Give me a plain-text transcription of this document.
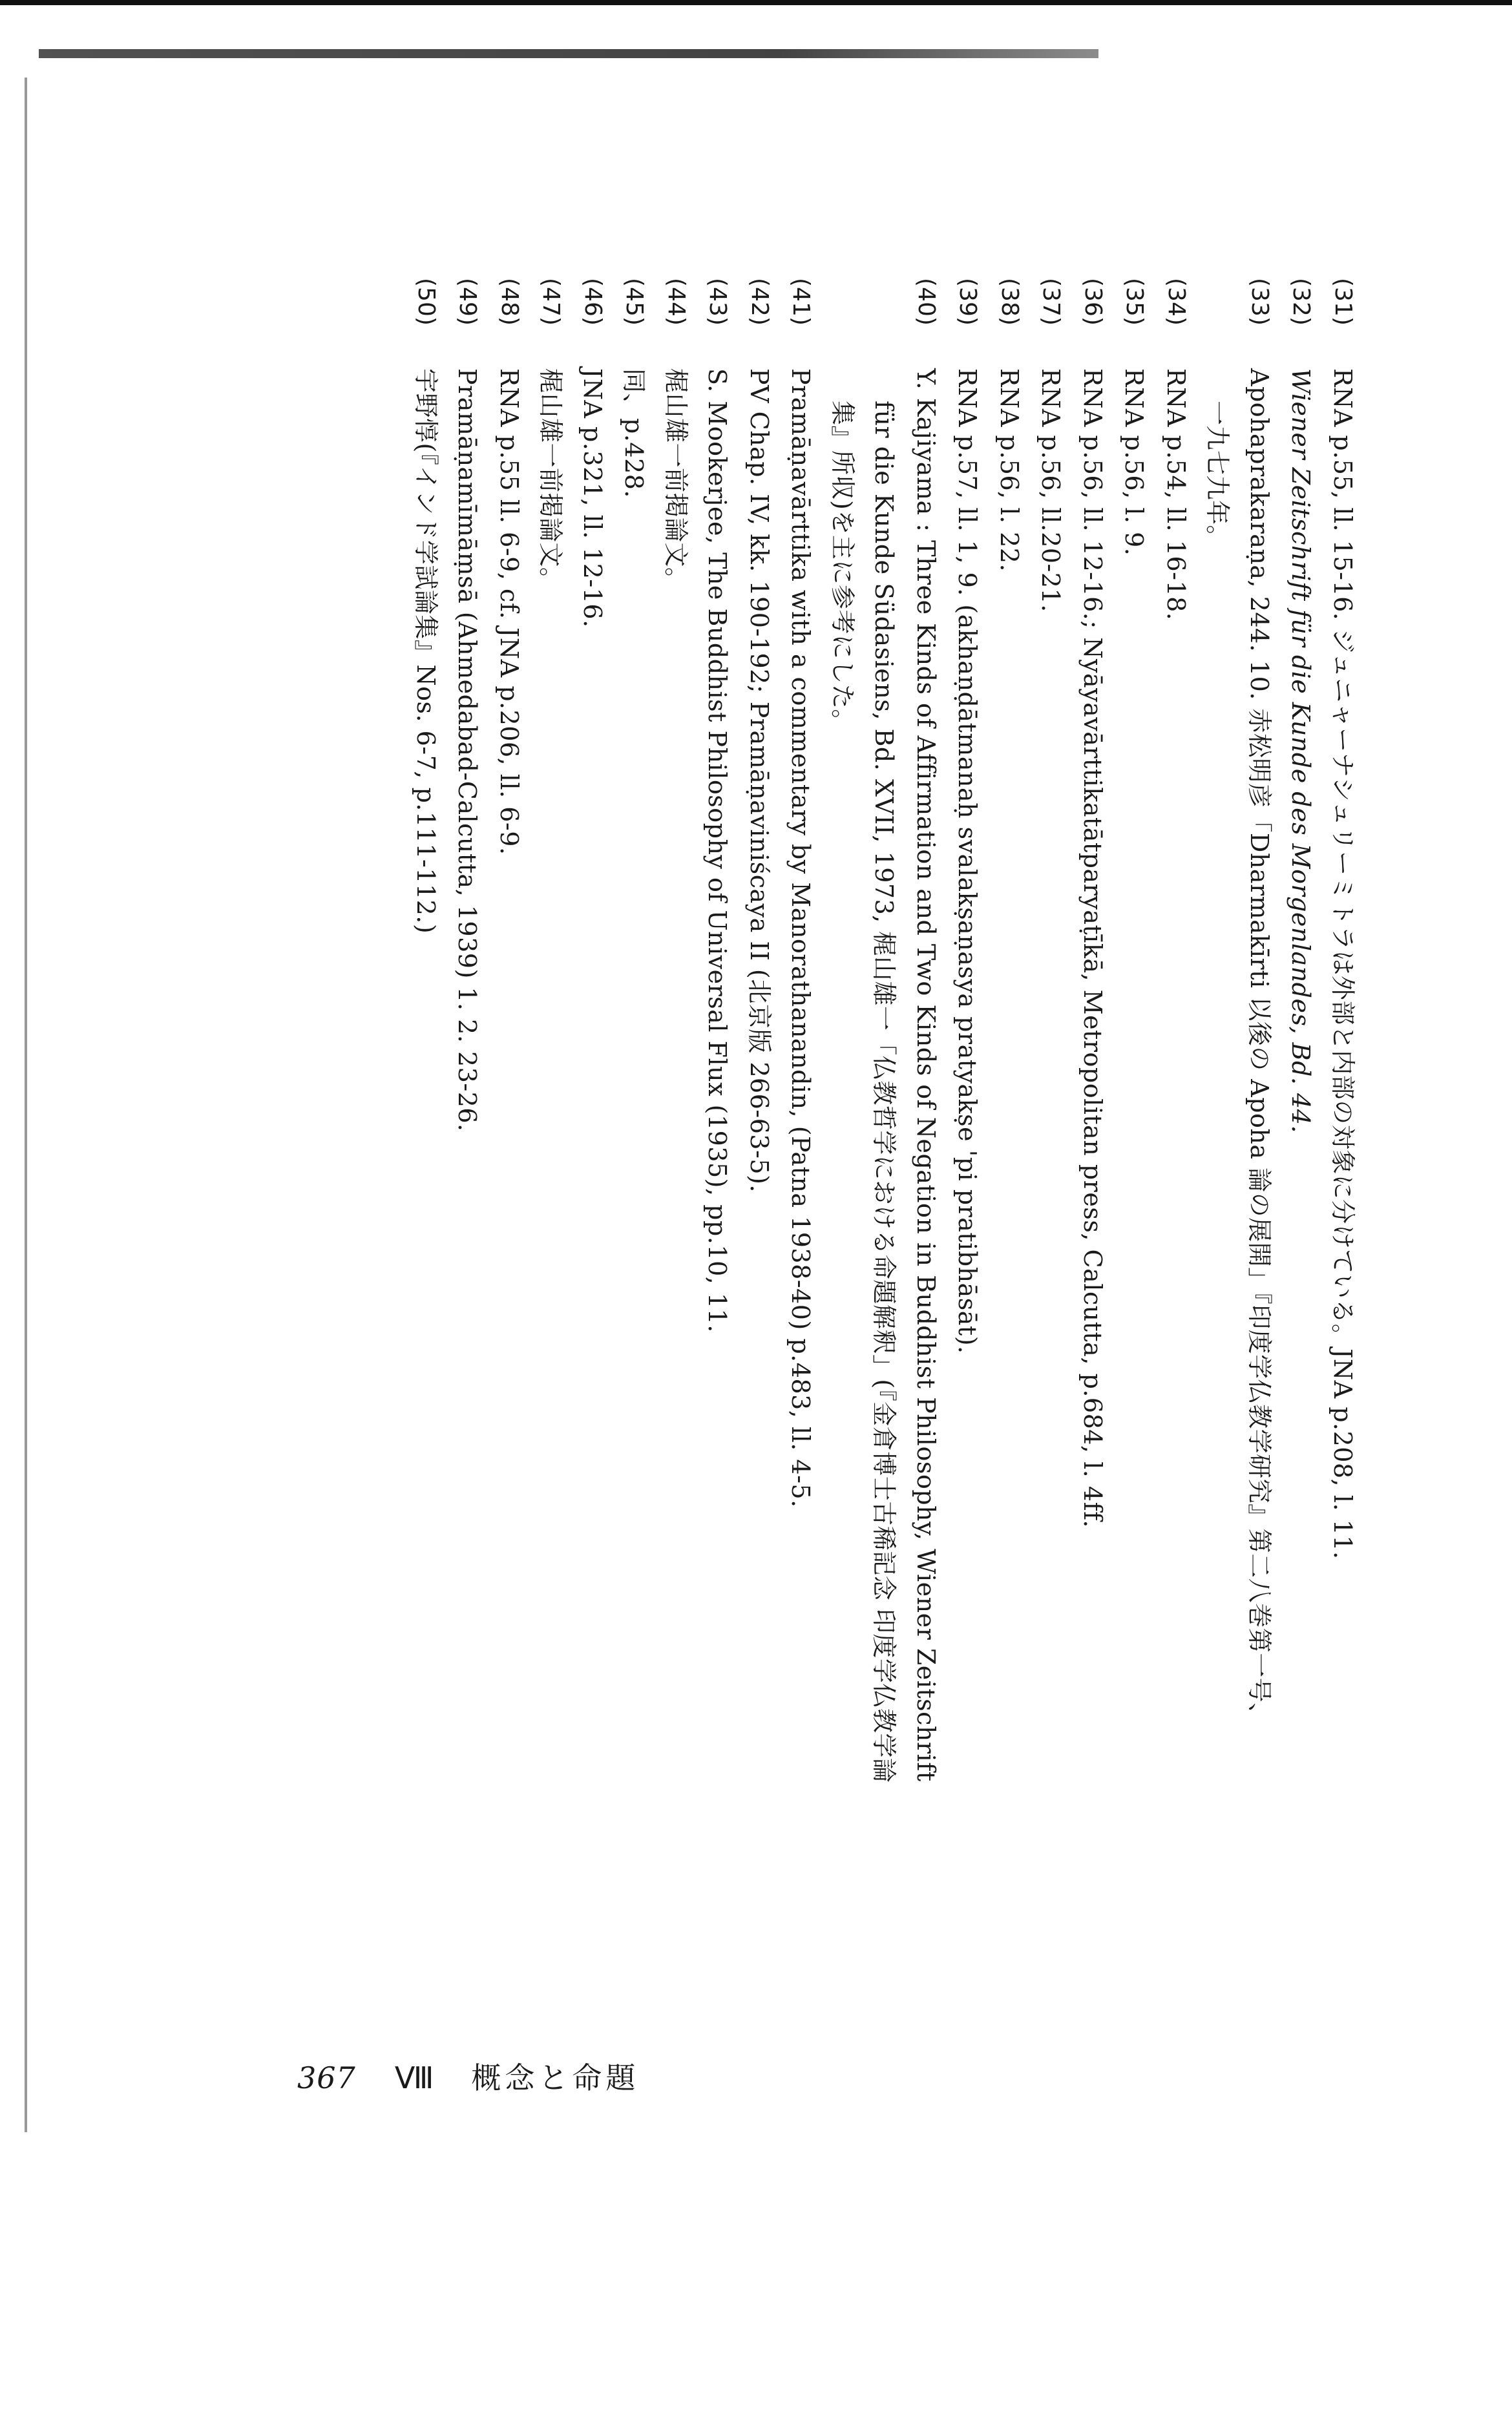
(31)
RNA p.55, ll. 15-16. ジュニャーナシュリーミトラは外部と内部の対象に分けている。JNA p.208, l. 11.
(32)
Wiener Zeitschrift für die Kunde des Morgenlandes, Bd. 44.
(33)
Apohaprakaraṇa, 244. 10. 赤松明彦「Dharmakīrti 以後の Apoha 論の展開」『印度学仏教学研究』第二八巻第一号、
一九七九年。
(34)
RNA p.54, ll. 16-18.
(35)
RNA p.56, l. 9.
(36)
RNA p.56, ll. 12-16.; Nyāyavārttikatātparyaṭīkā, Metropolitan press, Calcutta, p.684, l. 4ff.
(37)
RNA p.56, ll.20-21.
(38)
RNA p.56, l. 22.
(39)
RNA p.57, ll. 1, 9. (akhaṇḍātmanaḥ svalakṣaṇasya pratyakṣe 'pi pratibhāsāt).
(40)
Y. Kajiyama : Three Kinds of Affirmation and Two Kinds of Negation in Buddhist Philosophy, Wiener Zeitschrift
für die Kunde Südasiens, Bd. XVII, 1973, 梶山雄一「仏教哲学における命題解釈」(『金倉博士古稀記念 印度学仏教学論
集』所収)を主に参考にした。
(41)
Pramāṇavārttika with a commentary by Manorathanandin, (Patna 1938-40) p.483, ll. 4-5.
(42)
PV Chap. IV, kk. 190-192; Pramāṇaviniścaya II (北京版 266-63-5).
(43)
S. Mookerjee, The Buddhist Philosophy of Universal Flux (1935), pp.10, 11.
(44)
梶山雄一前掲論文。
(45)
同、p.428.
(46)
JNA p.321, ll. 12-16.
(47)
梶山雄一前掲論文。
(48)
RNA p.55 ll. 6-9, cf. JNA p.206, ll. 6-9.
(49)
Pramāṇamīmāṃsā (Ahmedabad-Calcutta, 1939) 1. 2. 23-26.
(50)
宇野惇(『インド学試論集』Nos. 6-7, p.111-112.)
367 Ⅷ　概念と命題
